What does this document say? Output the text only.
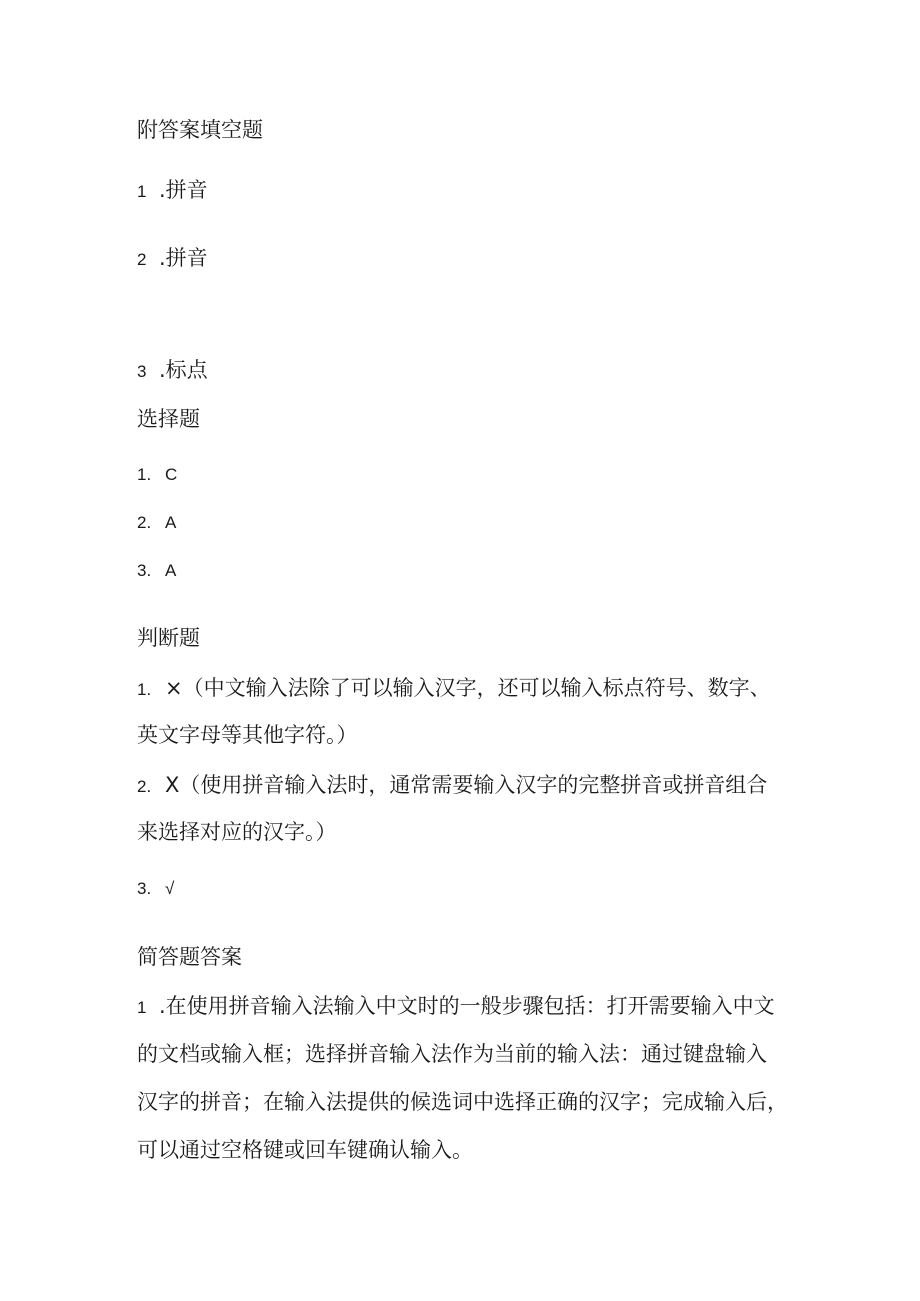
附答案填空题
1 .拼音
2 .拼音
3 .标点
选择题
1. C
2. A
3. A
判断题
1. ×（中文输入法除了可以输入汉字，还可以输入标点符号、数字、
英文字母等其他字符。）
2. X（使用拼音输入法时，通常需要输入汉字的完整拼音或拼音组合
来选择对应的汉字。）
3. √
简答题答案
1 .在使用拼音输入法输入中文时的一般步骤包括：打开需要输入中文
的文档或输入框；选择拼音输入法作为当前的输入法：通过键盘输入
汉字的拼音；在输入法提供的候选词中选择正确的汉字；完成输入后，
可以通过空格键或回车键确认输入。
